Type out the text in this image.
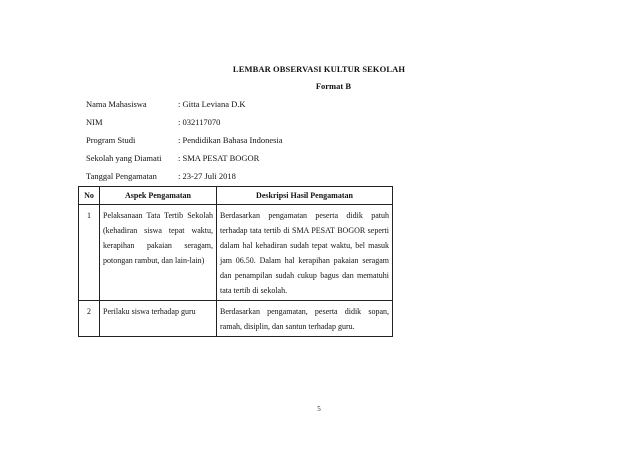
LEMBAR OBSERVASI KULTUR SEKOLAH
Format B
Nama Mahasiswa	: Gitta Leviana D.K
NIM	: 032117070
Program Studi	: Pendidikan Bahasa Indonesia
Sekolah yang Diamati	: SMA PESAT BOGOR
Tanggal Pengamatan	: 23-27 Juli 2018
No	Aspek Pengamatan	Deskripsi Hasil Pengamatan
1	Pelaksanaan Tata Tertib Sekolah (kehadiran siswa tepat waktu, kerapihan pakaian seragam, potongan rambut, dan lain-lain)	Berdasarkan pengamatan peserta didik patuh terhadap tata tertib di SMA PESAT BOGOR seperti dalam hal kehadiran sudah tepat waktu, bel masuk jam 06.50. Dalam hal kerapihan pakaian seragam dan penampilan sudah cukup bagus dan mematuhi tata tertib di sekolah.
2	Perilaku siswa terhadap guru	Berdasarkan pengamatan, peserta didik sopan, ramah, disiplin, dan santun terhadap guru.
5
